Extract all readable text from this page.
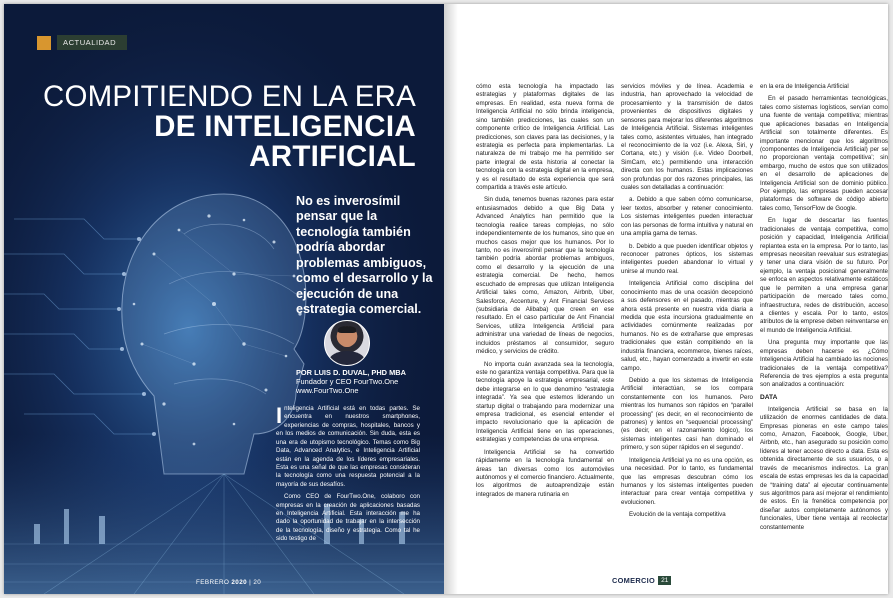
ACTUALIDAD
COMPITIENDO EN LA ERA
DE INTELIGENCIA
ARTIFICIAL
No es inverosímil pensar que la tecnología también podría abordar problemas ambiguos, como el desarrollo y la ejecución de una estrategia comercial.
POR LUIS D. DUVAL, PHD MBA
Fundador y CEO FourTwo.One
www.FourTwo.One

Inteligencia Artificial está en todas partes. Se encuentra en nuestros smartphones, experiencias de compras, hospitales, bancos y en los medios de comunicación. Sin duda, esta es una era de utopismo tecnológico. Temas como Big Data, Advanced Analytics, e Inteligencia Artificial están en la agenda de los líderes empresariales. Esta es una señal de que las empresas consideran la tecnología como una respuesta potencial a la mayoría de sus desafíos.

Como CEO de FourTwo.One, colaboro con empresas en la creación de aplicaciones basadas en Inteligencia Artificial. Esta interacción me ha dado la oportunidad de trabajar en la intersección de la tecnología, diseño y estrategia. Como tal he sido testigo de

FEBRERO 2020 | 20	COMERCIO 21

cómo esta tecnología ha impactado las estrategias y plataformas digitales de las empresas. En realidad, esta nueva forma de Inteligencia Artificial no sólo brinda inteligencia, sino también predicciones, las cuales son un componente crítico de Inteligencia Artificial. Las predicciones, son claves para las decisiones, y la estrategia es perfecta para implementarlas. La naturaleza de mi trabajo me ha permitido ser parte integral de esta historia al conectar la tecnología con la estrategia digital en la empresa, y es el resultado de esta experiencia que será compartida a través este artículo.

Sin duda, tenemos buenas razones para estar entusiasmados debido a que Big Data y Advanced Analytics han permitido que la tecnología realice tareas complejas, no sólo independientemente de los humanos, sino que en muchos casos mejor que los humanos. Por lo tanto, no es inverosímil pensar que la tecnología también podría abordar problemas ambiguos, como el desarrollo y la ejecución de una estrategia comercial. De hecho, hemos escuchado de empresas que utilizan Inteligencia Artificial tales como, Amazon, Airbnb, Uber, Salesforce, Accenture, y Ant Financial Services (subsidiaria de Alibaba) que creen en ese resultado. En el caso particular de Ant Financial Services, utiliza Inteligencia Artificial para administrar una variedad de líneas de negocios, incluidos préstamos al consumidor, seguro médico, y servicios de crédito.

No importa cuán avanzada sea la tecnología, este no garantiza ventaja competitiva. Para que la tecnología apoye la estrategia empresarial, este debe integrarse en lo que denomino “estrategia integrada”. Ya sea que estemos liderando un startup digital o trabajando para modernizar una empresa tradicional, es esencial entender el impacto revolucionario que la aplicación de Inteligencia Artificial tiene en las operaciones, estrategias y competencias de una empresa.

Inteligencia Artificial se ha convertido rápidamente en la tecnología fundamental en áreas tan diversas como los automóviles autónomos y el comercio financiero. Actualmente, los algoritmos de autoaprendizaje están integrados de manera rutinaria en

servicios móviles y de línea. Academia e industria, han aprovechado la velocidad de procesamiento y la transmisión de datos provenientes de dispositivos digitales y sensores para mejorar los diferentes algoritmos de Inteligencia Artificial. Sistemas inteligentes tales como, asistentes virtuales, han integrado el reconocimiento de la voz (i.e. Alexa, Siri, y Cortana, etc.) y visión (i.e. Video Doorbell, SimCam, etc.) permitiendo una interacción directa con los humanos. Estas implicaciones son profundas por dos razones principales, las cuales son detalladas a continuación:

a. Debido a que saben cómo comunicarse, leer textos, absorber y retener conocimiento. Los sistemas inteligentes pueden interactuar con las personas de forma intuitiva y natural en una amplia gama de temas.

b. Debido a que pueden identificar objetos y reconocer patrones ópticos, los sistemas inteligentes pueden abandonar lo virtual y unirse al mundo real.

Inteligencia Artificial como disciplina del conocimiento mas de una ocasión decepcionó a sus defensores en el pasado, mientras que ahora está presente en nuestra vida diaria a medida que esta incursiona gradualmente en actividades comúnmente realizadas por humanos. No es de extrañarse que empresas tradicionales que están compitiendo en la industria financiera, ecommerce, bienes raíces, salud, etc., hayan comenzado a invertir en este campo.

Debido a que los sistemas de Inteligencia Artificial interactúan, se los compara constantemente con los humanos. Pero mientras los humanos son rápidos en “parallel processing” (es decir, en el reconocimiento de patrones) y lentos en “sequencial processing” (es decir, en el razonamiento lógico), los sistemas inteligentes casi han dominado el primero, y son súper rápidos en el segundo’.

Inteligencia Artificial ya no es una opción, es una necesidad. Por lo tanto, es fundamental que las empresas descubran cómo los humanos y los sistemas inteligentes pueden interactuar para crear ventaja competitiva y evolucionen.

Evolución de la ventaja competitiva

en la era de Inteligencia Artificial

En el pasado herramientas tecnológicas, tales como sistemas logísticos, servían como una fuente de ventaja competitiva; mientras que aplicaciones basadas en Inteligencia Artificial son totalmente diferentes. Es importante mencionar que los algoritmos (componentes de Inteligencia Artificial) per se no proporcionan ventaja competitiva’; sin embargo, mucho de estos que son utilizados en el desarrollo de aplicaciones de Inteligencia Artificial son de dominio público. Por ejemplo, las empresas pueden accesar plataformas de software de código abierto tales como, TensorFlow de Google.

En lugar de descartar las fuentes tradicionales de ventaja competitiva, como posición y capacidad, Inteligencia Artificial replantea esta en la empresa. Por lo tanto, las empresas necesitan reevaluar sus estrategias y tener una clara visión de su futuro. Por ejemplo, la ventaja posicional generalmente se enfoca en aspectos relativamente estáticos que le permiten a una empresa ganar participación de mercado tales como, infraestructura, redes de distribución, acceso a clientes y escala. Por lo tanto, estos atributos de la emprese deben reinventarse en el mundo de Inteligencia Artificial.

Una pregunta muy importante que las empresas deben hacerse es ¿Cómo Inteligencia Artificial ha cambiado las nociones tradicionales de la ventaja competitiva? Referencia de tres ejemplos a esta pregunta son analizados a continuación:

DATA

Inteligencia Artificial se basa en la utilización de enormes cantidades de data. Empresas pioneras en este campo tales como, Amazon, Facebook, Google, Uber, Airbnb, etc., han asegurado su posición como líderes al tener acceso directo a data. Esta es obtenida directamente de sus usuarios, o a través de mecanismos indirectos. La gran escala de estas empresas les da la capacidad de “training data” al ejecutar continuamente sus algoritmos para así mejorar el rendimiento de estos. En la frenética competencia por diseñar autos completamente autónomos y funcionales, Uber tiene ventaja al recolectar constantemente
